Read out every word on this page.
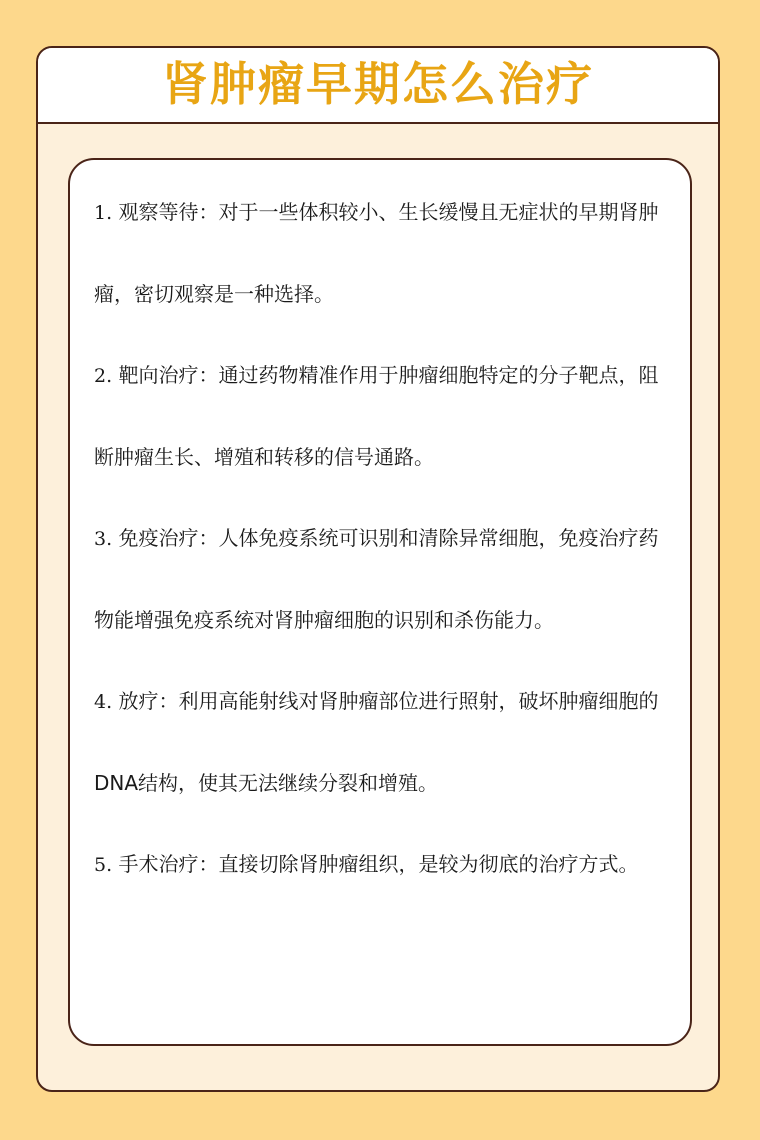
肾肿瘤早期怎么治疗

1. 观察等待：对于一些体积较小、生长缓慢且无症状的早期肾肿瘤，密切观察是一种选择。

2. 靶向治疗：通过药物精准作用于肿瘤细胞特定的分子靶点，阻断肿瘤生长、增殖和转移的信号通路。

3. 免疫治疗：人体免疫系统可识别和清除异常细胞，免疫治疗药物能增强免疫系统对肾肿瘤细胞的识别和杀伤能力。

4. 放疗：利用高能射线对肾肿瘤部位进行照射，破坏肿瘤细胞的DNA结构，使其无法继续分裂和增殖。

5. 手术治疗：直接切除肾肿瘤组织，是较为彻底的治疗方式。
